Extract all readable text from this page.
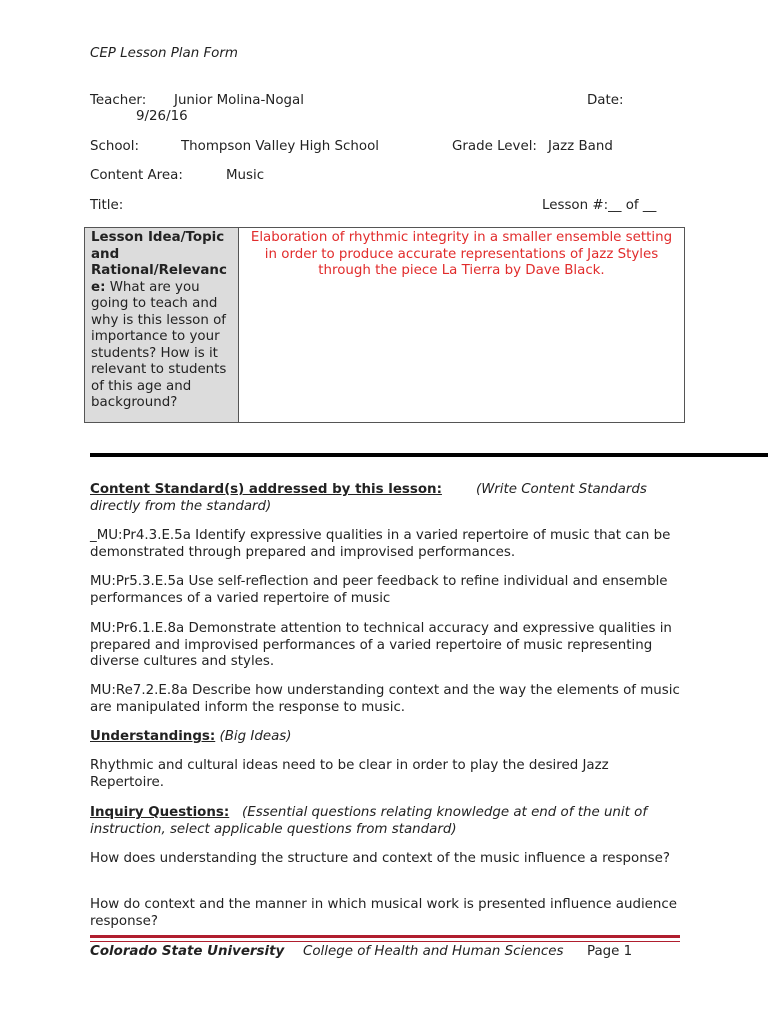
CEP Lesson Plan Form
Teacher: Junior Molina-Nogal	Date:
9/26/16
School:	Thompson Valley High School	Grade Level: Jazz Band
Content Area:	Music
Title:	Lesson #:__ of __
Lesson Idea/Topic and Rational/Relevance: What are you going to teach and why is this lesson of importance to your students? How is it relevant to students of this age and background?	Elaboration of rhythmic integrity in a smaller ensemble setting in order to produce accurate representations of Jazz Styles through the piece La Tierra by Dave Black.
Content Standard(s) addressed by this lesson:	(Write Content Standards directly from the standard)
_MU:Pr4.3.E.5a Identify expressive qualities in a varied repertoire of music that can be demonstrated through prepared and improvised performances.
MU:Pr5.3.E.5a Use self-reflection and peer feedback to refine individual and ensemble performances of a varied repertoire of music
MU:Pr6.1.E.8a Demonstrate attention to technical accuracy and expressive qualities in prepared and improvised performances of a varied repertoire of music representing diverse cultures and styles.
MU:Re7.2.E.8a Describe how understanding context and the way the elements of music are manipulated inform the response to music.
Understandings: (Big Ideas)
Rhythmic and cultural ideas need to be clear in order to play the desired Jazz Repertoire.
Inquiry Questions: (Essential questions relating knowledge at end of the unit of instruction, select applicable questions from standard)
How does understanding the structure and context of the music influence a response?
How do context and the manner in which musical work is presented influence audience response?
Colorado State University College of Health and Human Sciences Page 1
